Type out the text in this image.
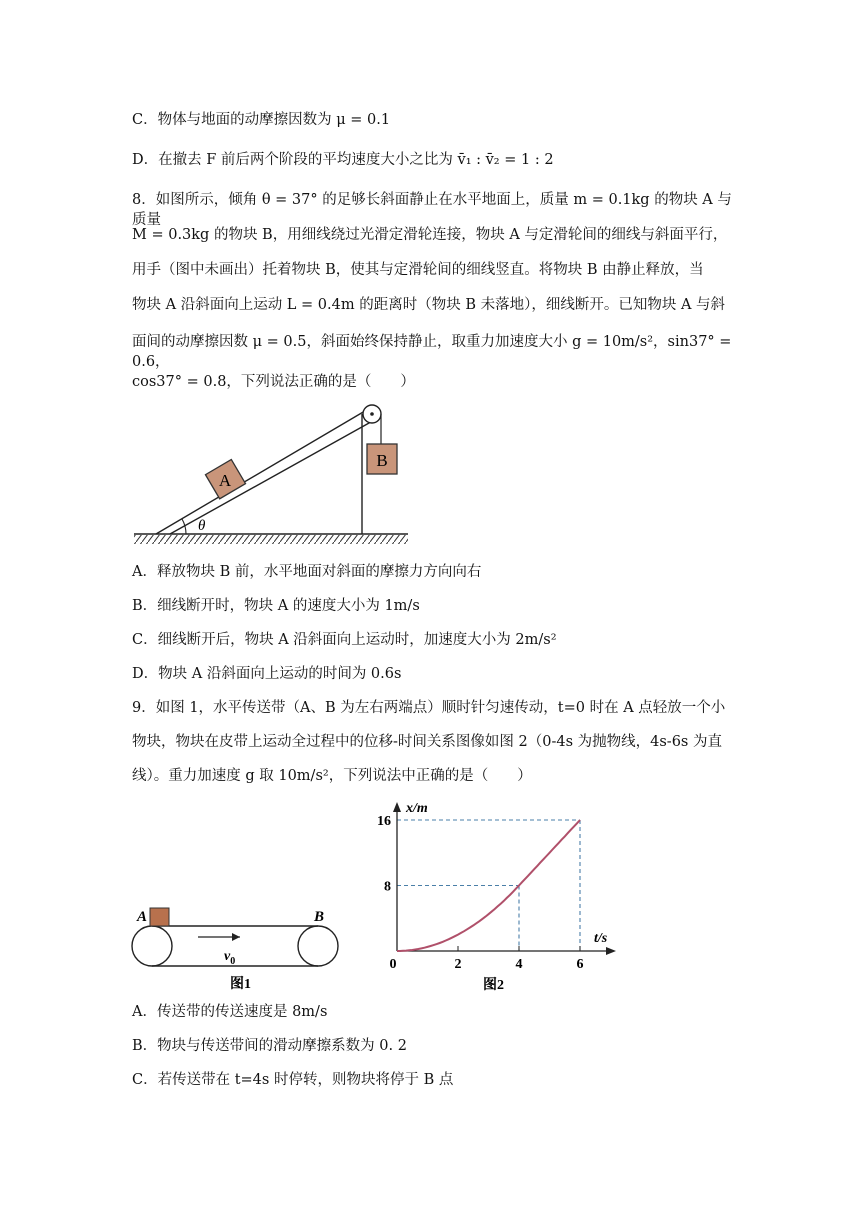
C．物体与地面的动摩擦因数为 μ = 0.1
D．在撤去 F 前后两个阶段的平均速度大小之比为 v̄₁ : v̄₂ = 1 : 2
8．如图所示，倾角 θ = 37° 的足够长斜面静止在水平地面上，质量 m = 0.1kg 的物块 A 与质量
M = 0.3kg 的物块 B，用细线绕过光滑定滑轮连接，物块 A 与定滑轮间的细线与斜面平行，
用手（图中未画出）托着物块 B，使其与定滑轮间的细线竖直。将物块 B 由静止释放，当
物块 A 沿斜面向上运动 L = 0.4m 的距离时（物块 B 未落地），细线断开。已知物块 A 与斜
面间的动摩擦因数 μ = 0.5，斜面始终保持静止，取重力加速度大小 g = 10m/s²，sin37° = 0.6，
cos37° = 0.8，下列说法正确的是（　　）
A
B
θ
A．释放物块 B 前，水平地面对斜面的摩擦力方向向右
B．细线断开时，物块 A 的速度大小为 1m/s
C．细线断开后，物块 A 沿斜面向上运动时，加速度大小为 2m/s²
D．物块 A 沿斜面向上运动的时间为 0.6s
9．如图 1，水平传送带（A、B 为左右两端点）顺时针匀速传动，t=0 时在 A 点轻放一个小
物块，物块在皮带上运动全过程中的位移-时间关系图像如图 2（0-4s 为抛物线，4s-6s 为直
线）。重力加速度 g 取 10m/s²，下列说法中正确的是（　　）
A	B
$v_0$
图1
2	4	6
8
16
x/m
t/s
0
图2
A．传送带的传送速度是 8m/s
B．物块与传送带间的滑动摩擦系数为 0. 2
C．若传送带在 t=4s 时停转，则物块将停于 B 点
